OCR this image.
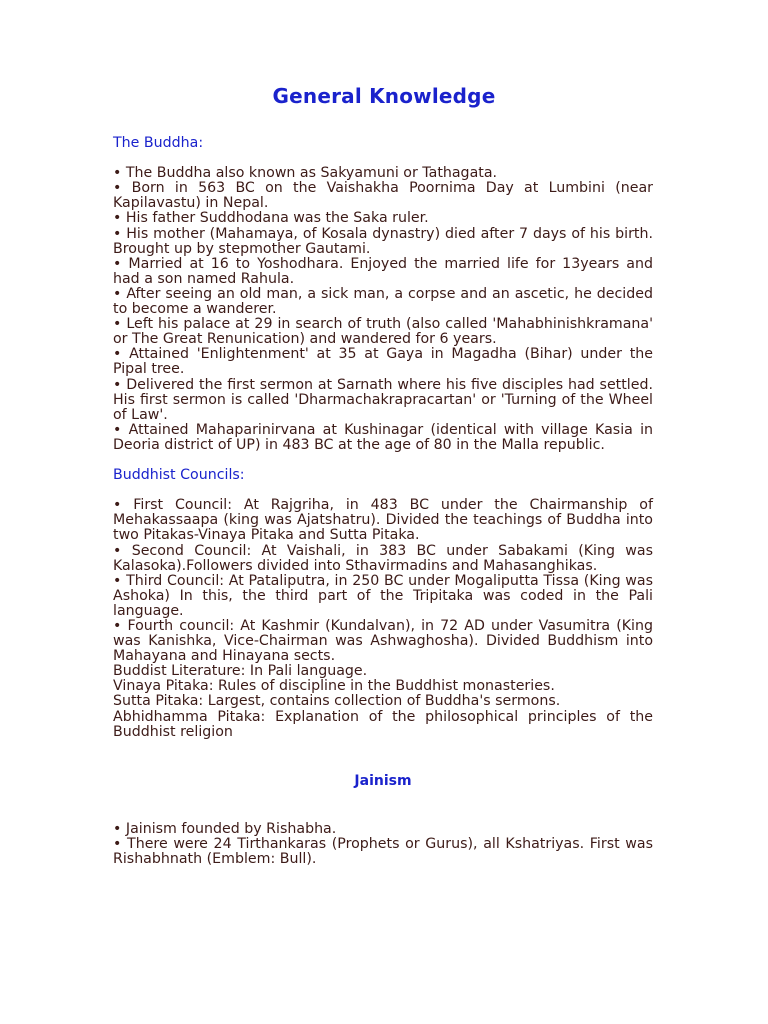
General Knowledge

The Buddha:

• The Buddha also known as Sakyamuni or Tathagata.
• Born in 563 BC on the Vaishakha Poornima Day at Lumbini (near Kapilavastu) in Nepal.
• His father Suddhodana was the Saka ruler.
• His mother (Mahamaya, of Kosala dynastry) died after 7 days of his birth. Brought up by stepmother Gautami.
• Married at 16 to Yoshodhara. Enjoyed the married life for 13years and had a son named Rahula.
• After seeing an old man, a sick man, a corpse and an ascetic, he decided to become a wanderer.
• Left his palace at 29 in search of truth (also called 'Mahabhinishkramana' or The Great Renunication) and wandered for 6 years.
• Attained 'Enlightenment' at 35 at Gaya in Magadha (Bihar) under the Pipal tree.
• Delivered the first sermon at Sarnath where his five disciples had settled. His first sermon is called 'Dharmachakrapracartan' or 'Turning of the Wheel of Law'.
• Attained Mahaparinirvana at Kushinagar (identical with village Kasia in Deoria district of UP) in 483 BC at the age of 80 in the Malla republic.

Buddhist Councils:

• First Council: At Rajgriha, in 483 BC under the Chairmanship of Mehakassaapa (king was Ajatshatru). Divided the teachings of Buddha into two Pitakas-Vinaya Pitaka and Sutta Pitaka.
• Second Council: At Vaishali, in 383 BC under Sabakami (King was Kalasoka).Followers divided into Sthavirmadins and Mahasanghikas.
• Third Council: At Pataliputra, in 250 BC under Mogaliputta Tissa (King was Ashoka) In this, the third part of the Tripitaka was coded in the Pali language.
• Fourth council: At Kashmir (Kundalvan), in 72 AD under Vasumitra (King was Kanishka, Vice-Chairman was Ashwaghosha). Divided Buddhism into Mahayana and Hinayana sects.

Buddist Literature: In Pali language.

Vinaya Pitaka: Rules of discipline in the Buddhist monasteries.

Sutta Pitaka: Largest, contains collection of Buddha's sermons.

Abhidhamma Pitaka: Explanation of the philosophical principles of the Buddhist religion

Jainism

• Jainism founded by Rishabha.
• There were 24 Tirthankaras (Prophets or Gurus), all Kshatriyas. First was Rishabhnath (Emblem: Bull).
